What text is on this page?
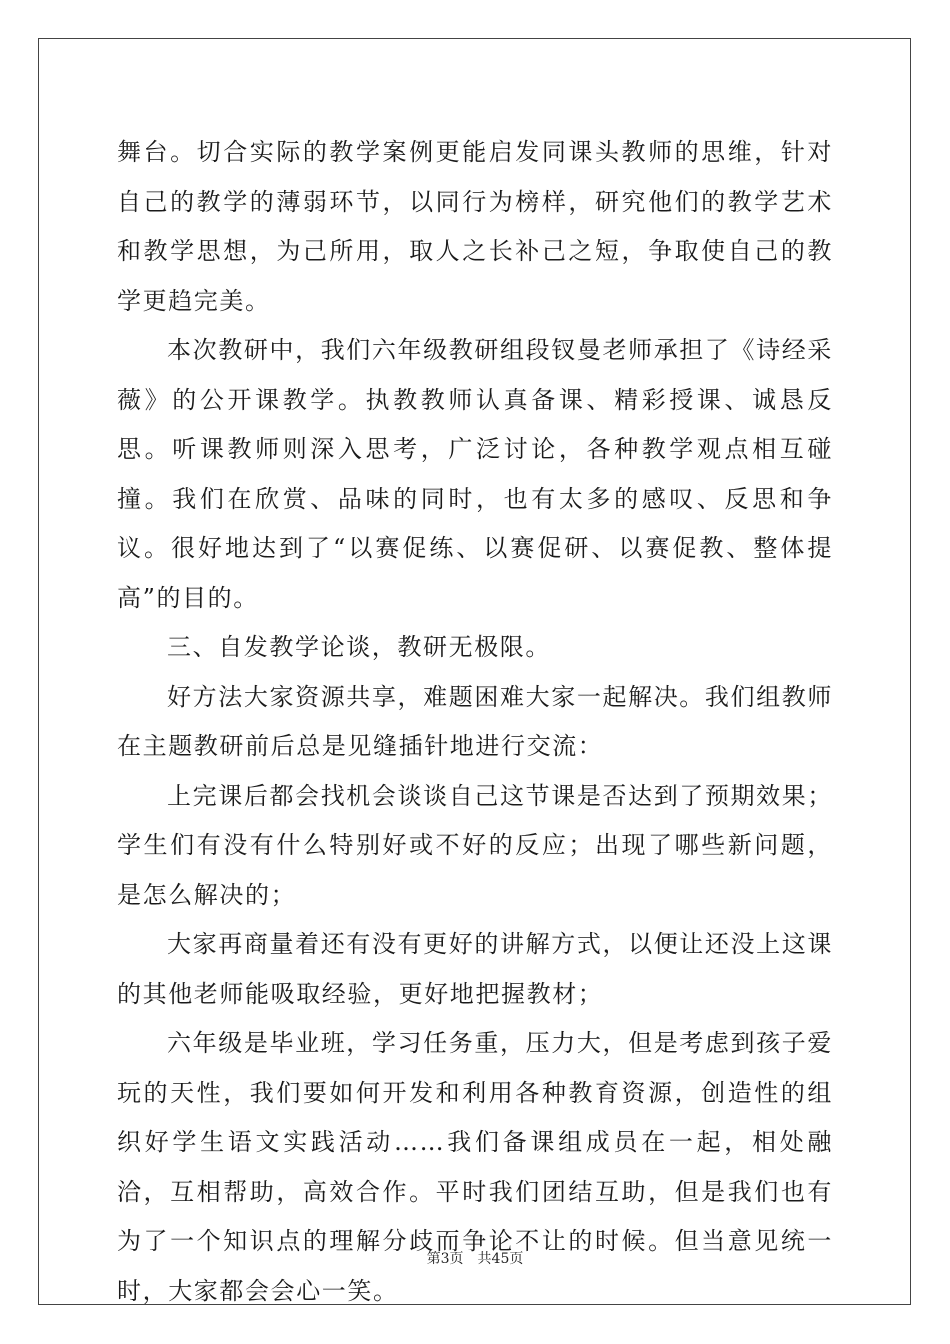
舞台。切合实际的教学案例更能启发同课头教师的思维，针对自己的教学的薄弱环节，以同行为榜样，研究他们的教学艺术和教学思想，为己所用，取人之长补己之短，争取使自己的教学更趋完美。

本次教研中，我们六年级教研组段钗曼老师承担了《诗经采薇》的公开课教学。执教教师认真备课、精彩授课、诚恳反思。听课教师则深入思考，广泛讨论，各种教学观点相互碰撞。我们在欣赏、品味的同时，也有太多的感叹、反思和争议。很好地达到了“以赛促练、以赛促研、以赛促教、整体提高”的目的。

三、自发教学论谈，教研无极限。

好方法大家资源共享，难题困难大家一起解决。我们组教师在主题教研前后总是见缝插针地进行交流：

上完课后都会找机会谈谈自己这节课是否达到了预期效果；学生们有没有什么特别好或不好的反应；出现了哪些新问题，是怎么解决的；

大家再商量着还有没有更好的讲解方式，以便让还没上这课的其他老师能吸取经验，更好地把握教材；

六年级是毕业班，学习任务重，压力大，但是考虑到孩子爱玩的天性，我们要如何开发和利用各种教育资源，创造性的组织好学生语文实践活动……我们备课组成员在一起，相处融洽，互相帮助，高效合作。平时我们团结互助，但是我们也有为了一个知识点的理解分歧而争论不让的时候。但当意见统一时，大家都会会心一笑。

第3页 共45页
